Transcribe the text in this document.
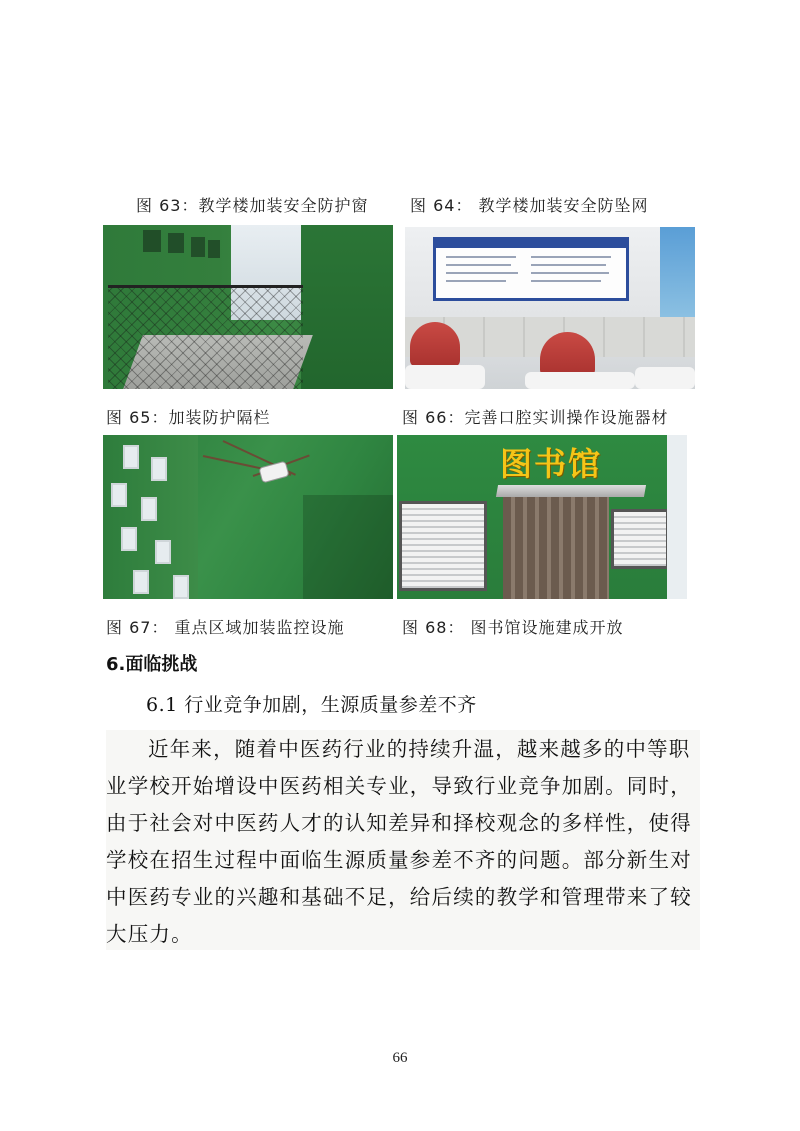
图 63：教学楼加装安全防护窗	图 64： 教学楼加装安全防坠网
图 65：加装防护隔栏	图 66：完善口腔实训操作设施器材
图书馆
图 67： 重点区域加装监控设施	图 68： 图书馆设施建成开放
6.面临挑战
6.1 行业竞争加剧，生源质量参差不齐
近年来，随着中医药行业的持续升温，越来越多的中等职
业学校开始增设中医药相关专业，导致行业竞争加剧。同时，
由于社会对中医药人才的认知差异和择校观念的多样性，使得
学校在招生过程中面临生源质量参差不齐的问题。部分新生对
中医药专业的兴趣和基础不足，给后续的教学和管理带来了较
大压力。
66
